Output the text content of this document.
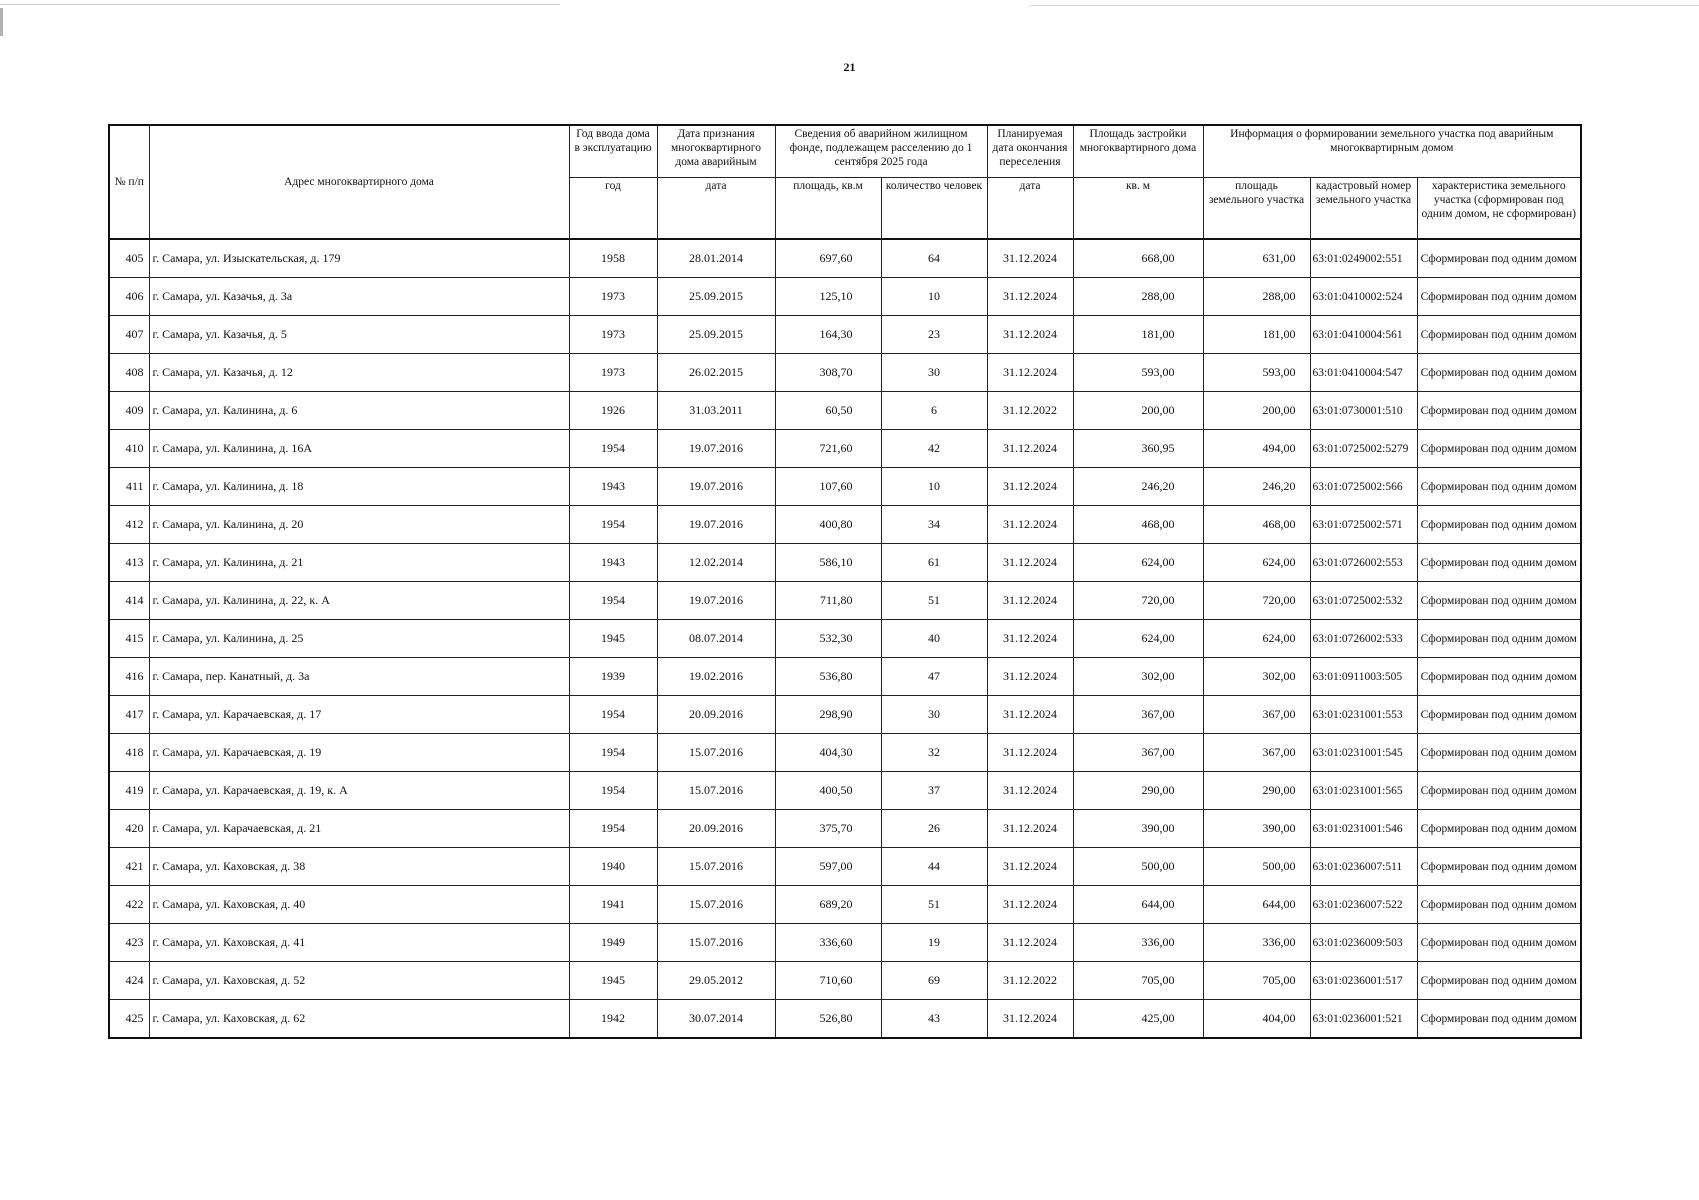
21
№ п/п	Адрес многоквартирного дома	Год ввода дома в эксплуатацию	Дата признания многоквартирного дома аварийным	Сведения об аварийном жилищном фонде, подлежащем расселению до 1 сентября 2025 года		Планируемая дата окончания переселения	Площадь застройки многоквартирного дома	Информация о формировании земельного участка под аварийным многоквартирным домом		
								площадь земельного участка	кадастровый номер земельного участка	характеристика земельного участка (сформирован под одним домом, не сформирован)
		год	дата	площадь, кв.м	количество человек	дата	кв. м			
405	г. Самара, ул. Изыскательская, д. 179	1958	28.01.2014	697,60	64	31.12.2024	668,00	631,00	63:01:0249002:551	Сформирован под одним домом
406	г. Самара, ул. Казачья, д. 3а	1973	25.09.2015	125,10	10	31.12.2024	288,00	288,00	63:01:0410002:524	Сформирован под одним домом
407	г. Самара, ул. Казачья, д. 5	1973	25.09.2015	164,30	23	31.12.2024	181,00	181,00	63:01:0410004:561	Сформирован под одним домом
408	г. Самара, ул. Казачья, д. 12	1973	26.02.2015	308,70	30	31.12.2024	593,00	593,00	63:01:0410004:547	Сформирован под одним домом
409	г. Самара, ул. Калинина, д. 6	1926	31.03.2011	60,50	6	31.12.2022	200,00	200,00	63:01:0730001:510	Сформирован под одним домом
410	г. Самара, ул. Калинина, д. 16А	1954	19.07.2016	721,60	42	31.12.2024	360,95	494,00	63:01:0725002:5279	Сформирован под одним домом
411	г. Самара, ул. Калинина, д. 18	1943	19.07.2016	107,60	10	31.12.2024	246,20	246,20	63:01:0725002:566	Сформирован под одним домом
412	г. Самара, ул. Калинина, д. 20	1954	19.07.2016	400,80	34	31.12.2024	468,00	468,00	63:01:0725002:571	Сформирован под одним домом
413	г. Самара, ул. Калинина, д. 21	1943	12.02.2014	586,10	61	31.12.2024	624,00	624,00	63:01:0726002:553	Сформирован под одним домом
414	г. Самара, ул. Калинина, д. 22, к. А	1954	19.07.2016	711,80	51	31.12.2024	720,00	720,00	63:01:0725002:532	Сформирован под одним домом
415	г. Самара, ул. Калинина, д. 25	1945	08.07.2014	532,30	40	31.12.2024	624,00	624,00	63:01:0726002:533	Сформирован под одним домом
416	г. Самара, пер. Канатный, д. 3а	1939	19.02.2016	536,80	47	31.12.2024	302,00	302,00	63:01:0911003:505	Сформирован под одним домом
417	г. Самара, ул. Карачаевская, д. 17	1954	20.09.2016	298,90	30	31.12.2024	367,00	367,00	63:01:0231001:553	Сформирован под одним домом
418	г. Самара, ул. Карачаевская, д. 19	1954	15.07.2016	404,30	32	31.12.2024	367,00	367,00	63:01:0231001:545	Сформирован под одним домом
419	г. Самара, ул. Карачаевская, д. 19, к. А	1954	15.07.2016	400,50	37	31.12.2024	290,00	290,00	63:01:0231001:565	Сформирован под одним домом
420	г. Самара, ул. Карачаевская, д. 21	1954	20.09.2016	375,70	26	31.12.2024	390,00	390,00	63:01:0231001:546	Сформирован под одним домом
421	г. Самара, ул. Каховская, д. 38	1940	15.07.2016	597,00	44	31.12.2024	500,00	500,00	63:01:0236007:511	Сформирован под одним домом
422	г. Самара, ул. Каховская, д. 40	1941	15.07.2016	689,20	51	31.12.2024	644,00	644,00	63:01:0236007:522	Сформирован под одним домом
423	г. Самара, ул. Каховская, д. 41	1949	15.07.2016	336,60	19	31.12.2024	336,00	336,00	63:01:0236009:503	Сформирован под одним домом
424	г. Самара, ул. Каховская, д. 52	1945	29.05.2012	710,60	69	31.12.2022	705,00	705,00	63:01:0236001:517	Сформирован под одним домом
425	г. Самара, ул. Каховская, д. 62	1942	30.07.2014	526,80	43	31.12.2024	425,00	404,00	63:01:0236001:521	Сформирован под одним домом
